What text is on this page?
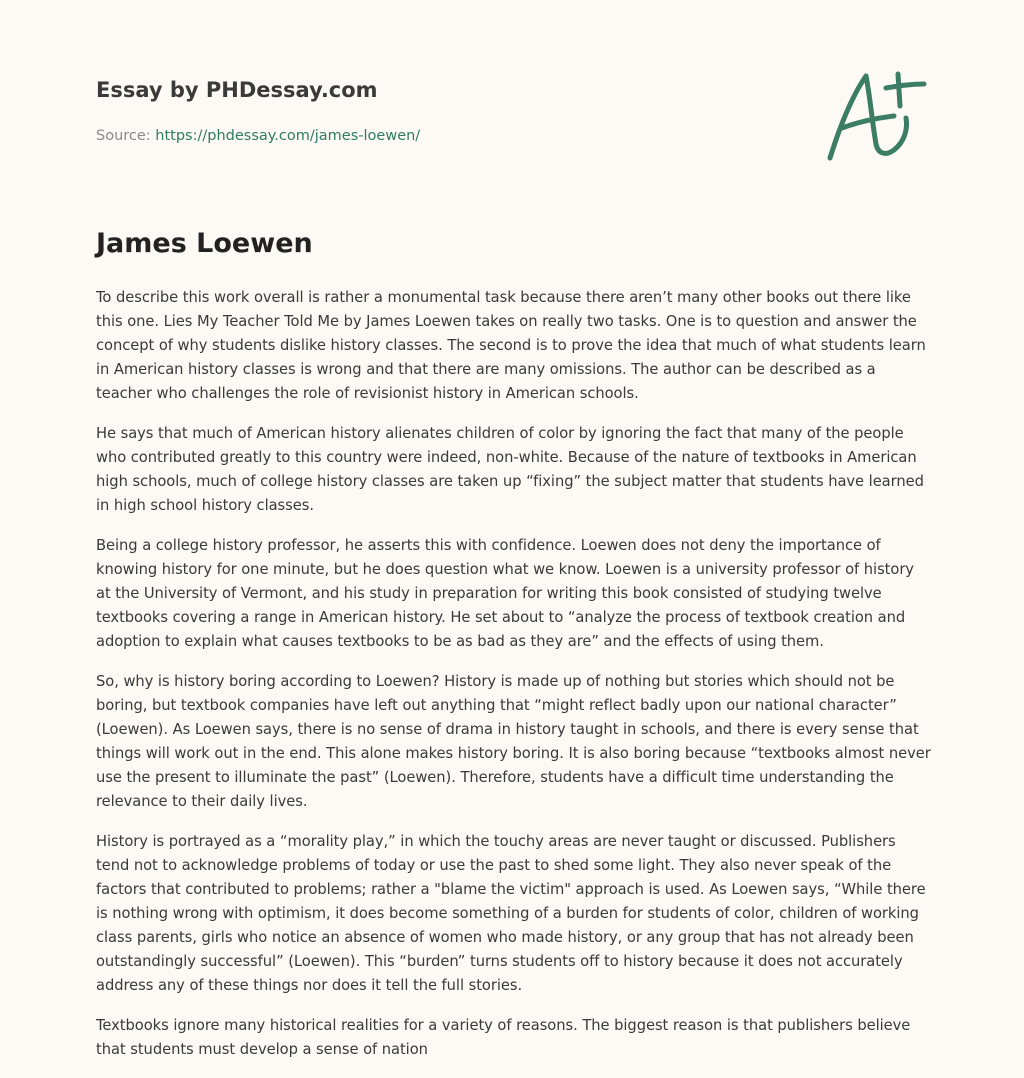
Essay by PHDessay.com
Source: https://phdessay.com/james-loewen/
James Loewen

To describe this work overall is rather a monumental task because there aren’t many other books out there like this one. Lies My Teacher Told Me by James Loewen takes on really two tasks. One is to question and answer the concept of why students dislike history classes. The second is to prove the idea that much of what students learn in American history classes is wrong and that there are many omissions. The author can be described as a teacher who challenges the role of revisionist history in American schools.

He says that much of American history alienates children of color by ignoring the fact that many of the people who contributed greatly to this country were indeed, non-white. Because of the nature of textbooks in American high schools, much of college history classes are taken up “fixing” the subject matter that students have learned in high school history classes.

Being a college history professor, he asserts this with confidence. Loewen does not deny the importance of knowing history for one minute, but he does question what we know. Loewen is a university professor of history at the University of Vermont, and his study in preparation for writing this book consisted of studying twelve textbooks covering a range in American history. He set about to “analyze the process of textbook creation and adoption to explain what causes textbooks to be as bad as they are” and the effects of using them.

So, why is history boring according to Loewen? History is made up of nothing but stories which should not be boring, but textbook companies have left out anything that “might reflect badly upon our national character” (Loewen). As Loewen says, there is no sense of drama in history taught in schools, and there is every sense that things will work out in the end. This alone makes history boring. It is also boring because “textbooks almost never use the present to illuminate the past” (Loewen). Therefore, students have a difficult time understanding the relevance to their daily lives.

History is portrayed as a “morality play,” in which the touchy areas are never taught or discussed. Publishers tend not to acknowledge problems of today or use the past to shed some light. They also never speak of the factors that contributed to problems; rather a "blame the victim" approach is used. As Loewen says, “While there is nothing wrong with optimism, it does become something of a burden for students of color, children of working class parents, girls who notice an absence of women who made history, or any group that has not already been outstandingly successful” (Loewen). This “burden” turns students off to history because it does not accurately address any of these things nor does it tell the full stories.

Textbooks ignore many historical realities for a variety of reasons. The biggest reason is that publishers believe that students must develop a sense of nation
